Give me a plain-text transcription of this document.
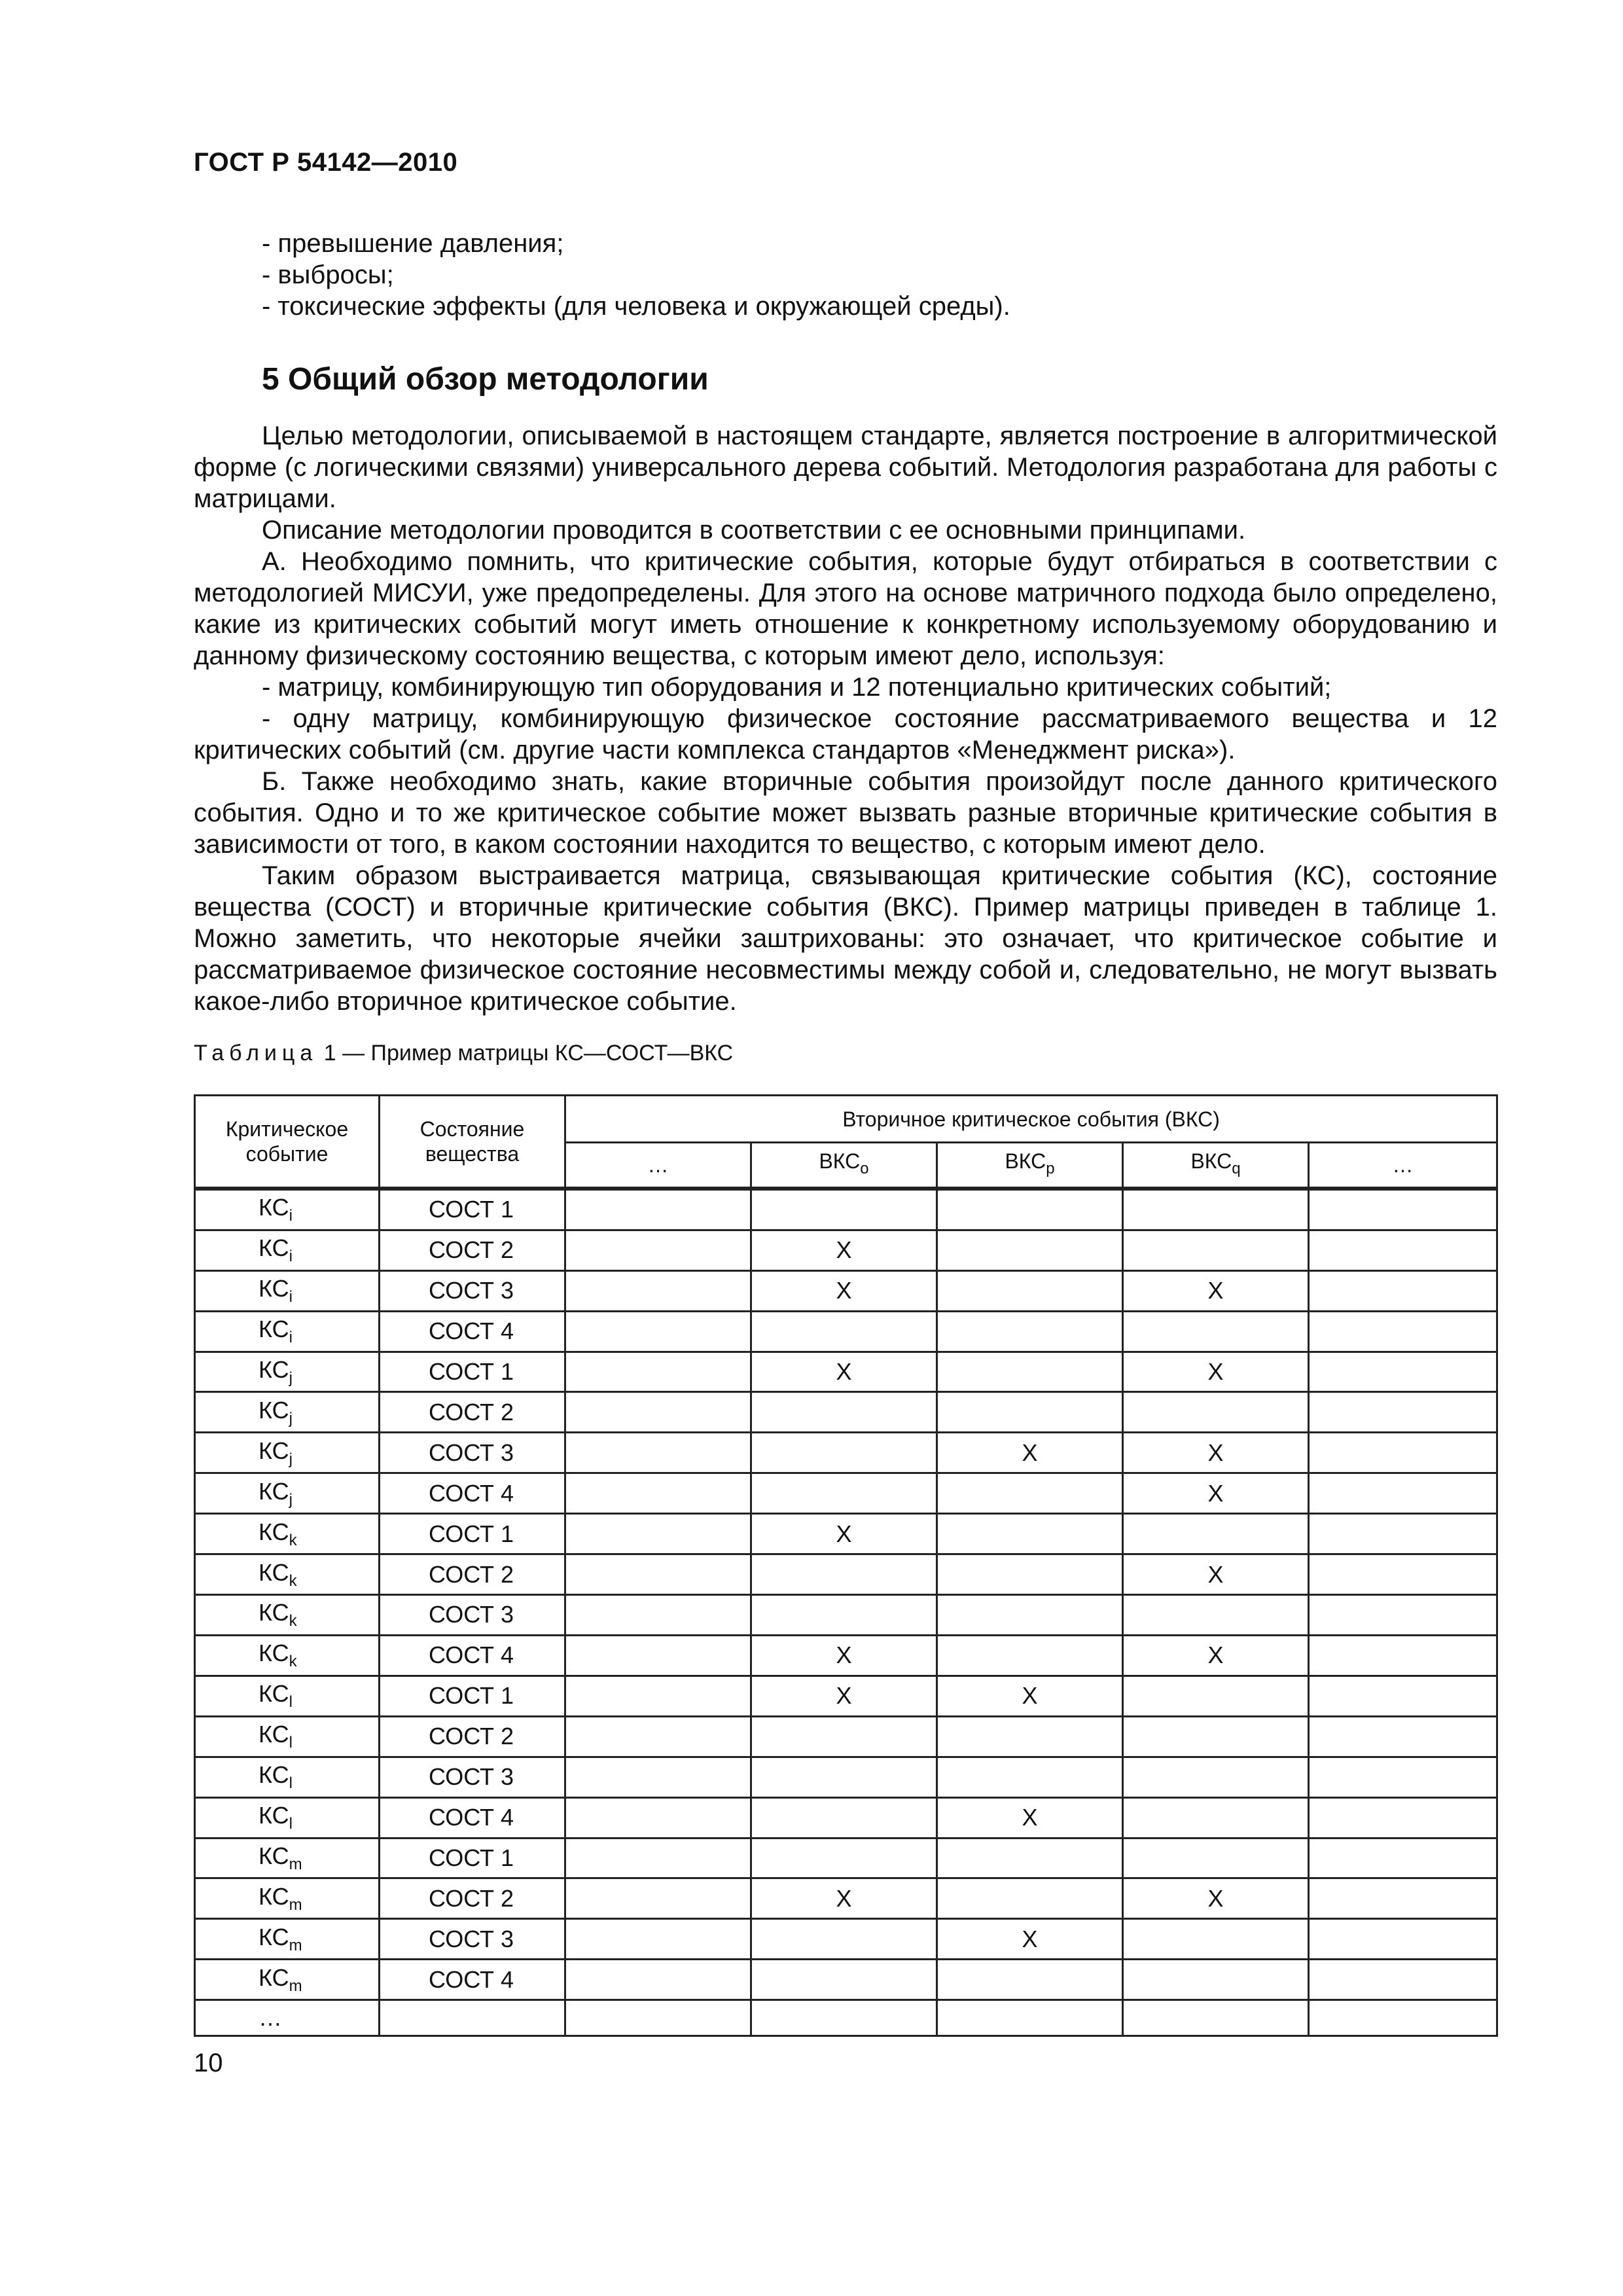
ГОСТ Р 54142—2010
- превышение давления;
- выбросы;
- токсические эффекты (для человека и окружающей среды).
5 Общий обзор методологии

Целью методологии, описываемой в настоящем стандарте, является построение в алгоритмической форме (с логическими связями) универсального дерева событий. Методология разработана для работы с матрицами.

Описание методологии проводится в соответствии с ее основными принципами.

А. Необходимо помнить, что критические события, которые будут отбираться в соответствии с методологией МИСУИ, уже предопределены. Для этого на основе матричного подхода было определено, какие из критических событий могут иметь отношение к конкретному используемому оборудованию и данному физическому состоянию вещества, с которым имеют дело, используя:

- матрицу, комбинирующую тип оборудования и 12 потенциально критических событий;

- одну матрицу, комбинирующую физическое состояние рассматриваемого вещества и 12 критических событий (см. другие части комплекса стандартов «Менеджмент риска»).

Б. Также необходимо знать, какие вторичные события произойдут после данного критического события. Одно и то же критическое событие может вызвать разные вторичные критические события в зависимости от того, в каком состоянии находится то вещество, с которым имеют дело.

Таким образом выстраивается матрица, связывающая критические события (КС), состояние вещества (СОСТ) и вторичные критические события (ВКС). Пример матрицы приведен в таблице 1. Можно заметить, что некоторые ячейки заштрихованы: это означает, что критическое событие и рассматриваемое физическое состояние несовместимы между собой и, следовательно, не могут вызвать какое-либо вторичное критическое событие.

Таблица 1 — Пример матрицы КС—СОСТ—ВКС
Критическое событие	Состояние вещества	Вторичное критическое события (ВКС)				
		…	$ВКС_o$	$ВКС_p$	$ВКС_q$	…
$КС_i$	СОСТ 1					
$КС_i$	СОСТ 2		X			
$КС_i$	СОСТ 3		X		X	
$КС_i$	СОСТ 4					
$КС_j$	СОСТ 1		X		X	
$КС_j$	СОСТ 2					
$КС_j$	СОСТ 3			X	X	
$КС_j$	СОСТ 4				X	
$КС_k$	СОСТ 1		X			
$КС_k$	СОСТ 2				X	
$КС_k$	СОСТ 3					
$КС_k$	СОСТ 4		X		X	
$КС_l$	СОСТ 1		X	X		
$КС_l$	СОСТ 2					
$КС_l$	СОСТ 3					
$КС_l$	СОСТ 4			X		
$КС_m$	СОСТ 1					
$КС_m$	СОСТ 2		X		X	
$КС_m$	СОСТ 3			X		
$КС_m$	СОСТ 4					
…						
10
